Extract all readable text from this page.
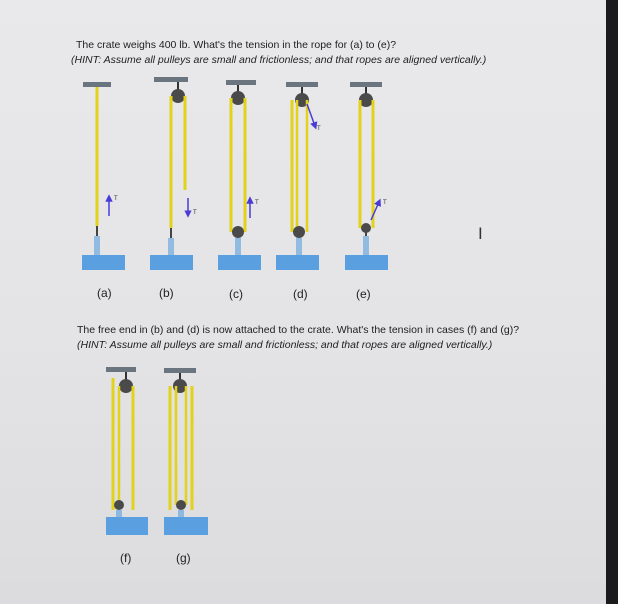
The crate weighs 400 lb. What's the tension in the rope for (a) to (e)?

(HINT: Assume all pulleys are small and frictionless; and that ropes are aligned vertically.)

T
T
T
T
T
(a)	(b)	(c)	(d)	(e)
I

The free end in (b) and (d) is now attached to the crate. What's the tension in cases (f) and (g)?

(HINT: Assume all pulleys are small and frictionless; and that ropes are aligned vertically.)

(f)	(g)
